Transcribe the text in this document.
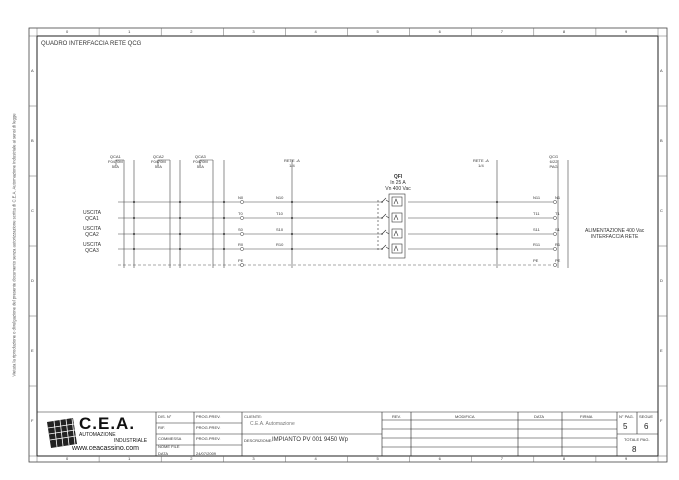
Vietata la riproduzione o divulgazione del presente documento senza autorizzazione scritta di C.E.A. Automazione Industriale ai sensi di legge
0
0
1
1
2
2
3
3
4
4
5
5
6
6
7
7
8
8
9
9
A	A
B	B
C	C
D	D
E	E
F	F
QUADRO INTERFACCIA RETE QCG
QCA1
F0470M
50A
QCA2
F0470M
50A
QCA3
F0470M
50A
RETE -A
1/4
RETE -A
1/4
QCG
6/22
PAG
USCITA
QCA1
USCITA
QCA2
USCITA
QCA3
QFI
In 25 A
Vn 400 Vac
N10
T10
S10
R10
N11
T11
S11
R11
PE
N0
T0
S0
R0
PE
N1
T1
S1
R1
PE
ALIMENTAZIONE 400 Vac
INTERFACCIA RETE
C.E.A.
AUTOMAZIONE
INDUSTRIALE
www.ceacassino.com
DIS. N°	PROG.PREV.
RIF.	PROG.PREV.
COMMESSA	PROG.PREV.
NOME FILE
DATA	24/07/2009
CLIENTE:
C.E.A. Automazione
DESCRIZIONE: IMPIANTO PV 001 9450 Wp
REV.	MODIFICA	DATA	FIRMA	N° PAG.
5
SEGUE
6
TOTALE PAG.
8
